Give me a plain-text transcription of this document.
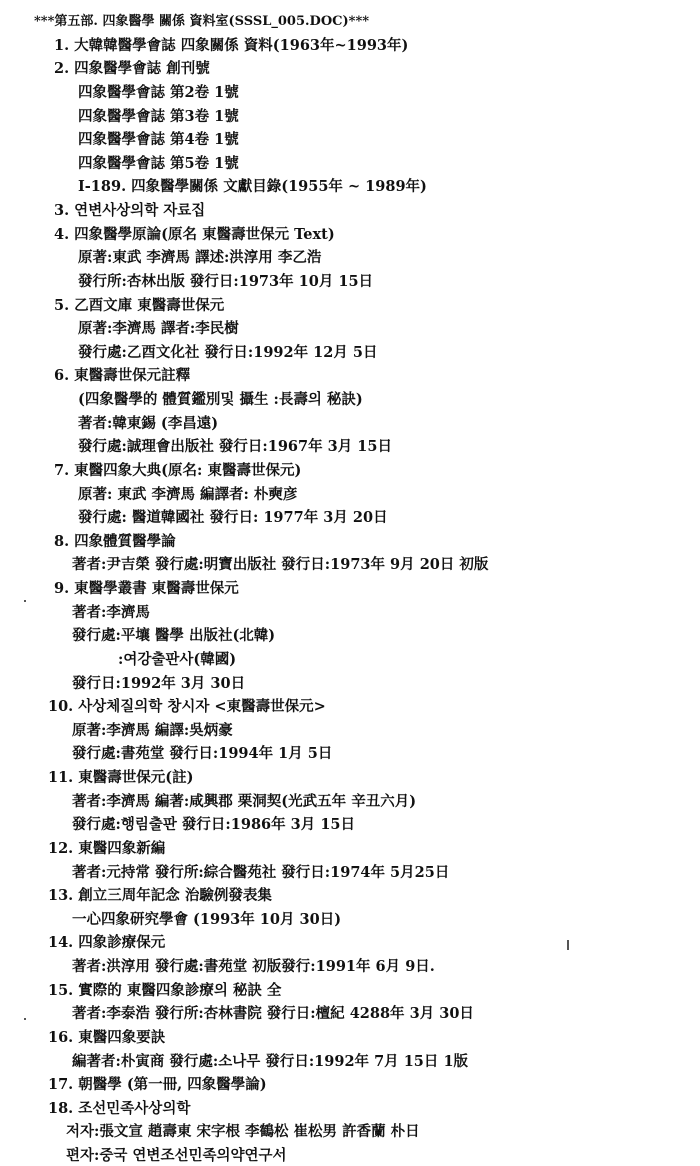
***第五部. 四象醫學 關係 資料室(SSSL_005.DOC)***
1. 大韓韓醫學會誌 四象關係 資料(1963年~1993年)
2. 四象醫學會誌 創刊號
四象醫學會誌 第2卷 1號
四象醫學會誌 第3卷 1號
四象醫學會誌 第4卷 1號
四象醫學會誌 第5卷 1號
I-189. 四象醫學關係 文獻目錄(1955年 ~ 1989年)
3. 연변사상의학 자료집
4. 四象醫學原論(原名 東醫壽世保元 Text)
原著:東武 李濟馬 譯述:洪淳用 李乙浩
發行所:杏林出版 發行日:1973年 10月 15日
5. 乙酉文庫 東醫壽世保元
原著:李濟馬 譯者:李民樹
發行處:乙酉文化社 發行日:1992年 12月 5日
6. 東醫壽世保元註釋
(四象醫學的 體質鑑別및 攝生 :長壽의 秘訣)
著者:韓東錫 (李昌遠)
發行處:誠理會出版社 發行日:1967年 3月 15日
7. 東醫四象大典(原名: 東醫壽世保元)
原著: 東武 李濟馬 編譯者: 朴奭彦
發行處: 醫道韓國社 發行日: 1977年 3月 20日
8. 四象體質醫學論
著者:尹吉榮 發行處:明寶出版社 發行日:1973年 9月 20日 初版
9. 東醫學叢書 東醫壽世保元
著者:李濟馬
發行處:平壤 醫學 出版社(北韓)
:여강출판사(韓國)
發行日:1992年 3月 30日
10. 사상체질의학 창시자 <東醫壽世保元>
原著:李濟馬 編譯:吳炳豪
發行處:書苑堂 發行日:1994年 1月 5日
11. 東醫壽世保元(註)
著者:李濟馬 編著:咸興郡 栗洞契(光武五年 辛丑六月)
發行處:행림출판 發行日:1986年 3月 15日
12. 東醫四象新編
著者:元持常 發行所:綜合醫苑社 發行日:1974年 5月25日
13. 創立三周年記念 治驗例發表集
一心四象研究學會 (1993年 10月 30日)
14. 四象診療保元
著者:洪淳用 發行處:書苑堂 初版發行:1991年 6月 9日.
15. 實際的 東醫四象診療의 秘訣 全
著者:李泰浩 發行所:杏林書院 發行日:檀紀 4288年 3月 30日
16. 東醫四象要訣
編著者:朴寅商 發行處:소나무 發行日:1992年 7月 15日 1版
17. 朝醫學 (第一冊, 四象醫學論)
18. 조선민족사상의학
저자:張文宣 趙壽東 宋字根 李鶴松 崔松男 許香蘭 朴日
편자:중국 연변조선민족의약연구서
